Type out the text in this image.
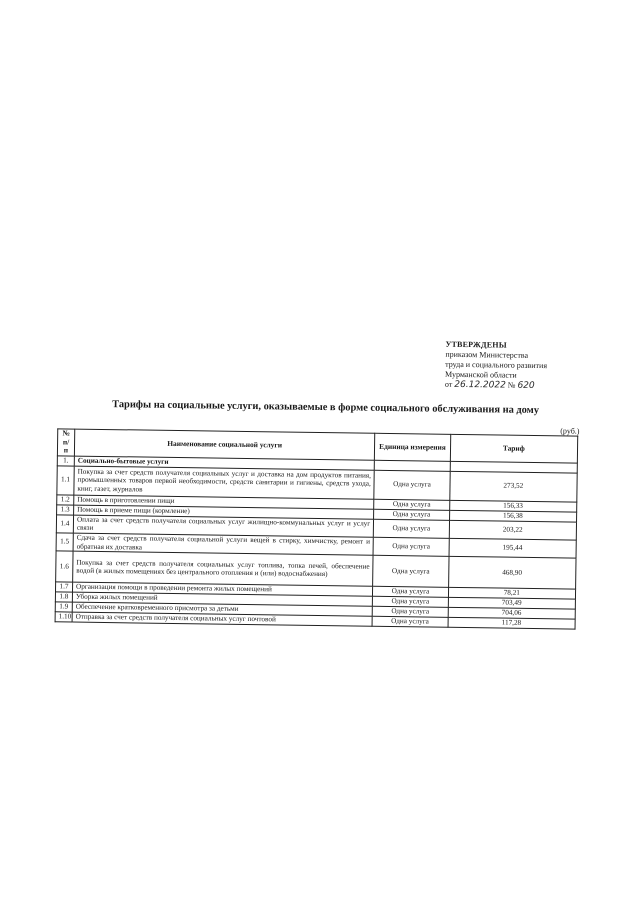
УТВЕРЖДЕНЫ
приказом Министерства
труда и социального развития
Мурманской области
от 26.12.2022 № 620
Тарифы на социальные услуги, оказываемые в форме социального обслуживания на дому
(руб.)
№ п/п	Наименование социальной услуги	Единица измерения	Тариф
1.	Социально-бытовые услуги		
1.1	Покупка за счет средств получателя социальных услуг и доставка на дом продуктов питания, промышленных товаров первой необходимости, средств санитарии и гигиены, средств ухода, книг, газет, журналов	Одна услуга	273,52
1.2	Помощь в приготовлении пищи	Одна услуга	156,33
1.3	Помощь в приеме пищи (кормление)	Одна услуга	156,38
1.4	Оплата за счет средств получателя социальных услуг жилищно-коммунальных услуг и услуг связи	Одна услуга	203,22
1.5	Сдача за счет средств получателя социальной услуги вещей в стирку, химчистку, ремонт и обратная их доставка	Одна услуга	195,44
1.6	Покупка за счет средств получателя социальных услуг топлива, топка печей, обеспечение водой (в жилых помещениях без центрального отопления и (или) водоснабжения)	Одна услуга	468,90
1.7	Организация помощи в проведении ремонта жилых помещений	Одна услуга	78,21
1.8	Уборка жилых помещений	Одна услуга	703,49
1.9	Обеспечение кратковременного присмотра за детьми	Одна услуга	704,06
1.10	Отправка за счет средств получателя социальных услуг почтовой	Одна услуга	117,28
